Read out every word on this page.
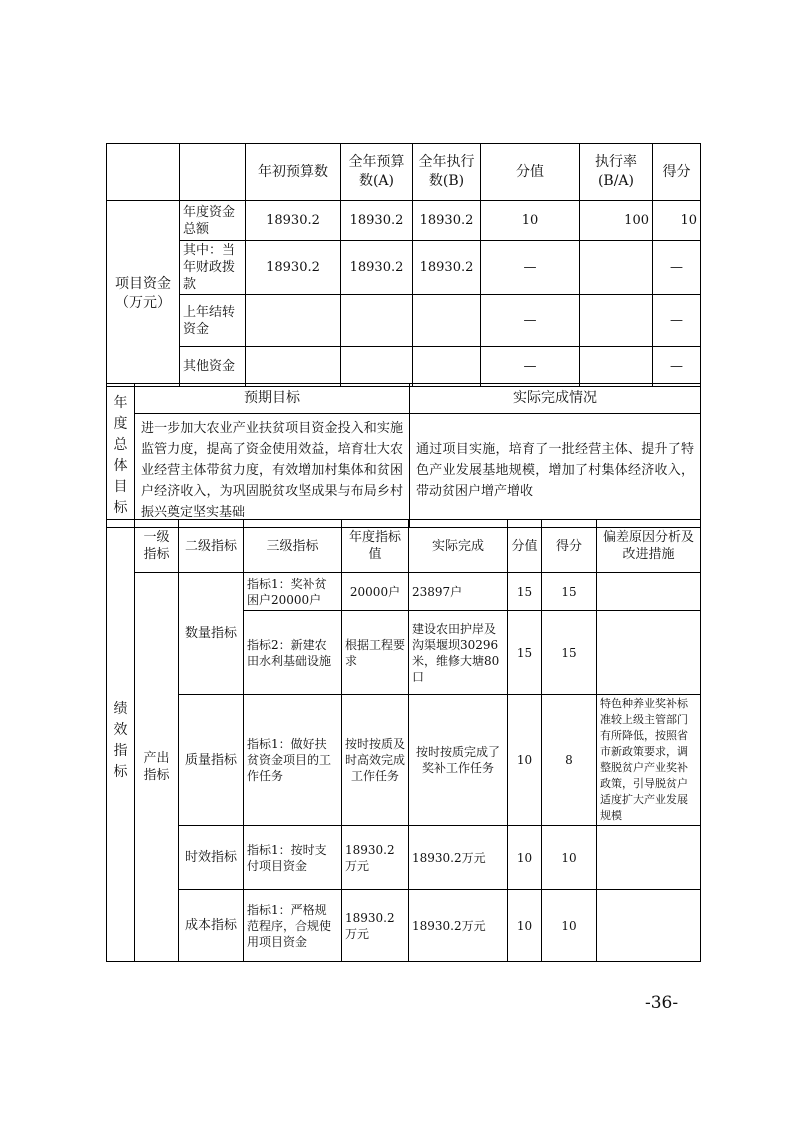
		年初预算数	全年预算数(A)	全年执行数(B)	分值	执行率(B/A)	得分
项目资金（万元）	年度资金总额	18930.2	18930.2	18930.2	10	100	10
	其中：当年财政拨款	18930.2	18930.2	18930.2	—		—
	上年结转资金				—		—
	其他资金				—		—
年度总体目标	预期目标	实际完成情况
	进一步加大农业产业扶贫项目资金投入和实施监管力度，提高了资金使用效益，培育壮大农业经营主体带贫力度，有效增加村集体和贫困户经济收入，为巩固脱贫攻坚成果与布局乡村振兴奠定坚实基础	通过项目实施，培育了一批经营主体、提升了特色产业发展基地规模，增加了村集体经济收入，带动贫困户增产增收
绩效指标	一级指标	二级指标	三级指标	年度指标值	实际完成	分值	得分	偏差原因分析及改进措施
	产出指标	数量指标	指标1：奖补贫困户20000户	20000户	23897户	15	15	
			指标2：新建农田水利基础设施	根据工程要求	建设农田护岸及沟渠堰坝30296米，维修大塘80口	15	15	
		质量指标	指标1：做好扶贫资金项目的工作任务	按时按质及时高效完成工作任务	按时按质完成了奖补工作任务	10	8	特色种养业奖补标准较上级主管部门有所降低，按照省市新政策要求，调整脱贫户产业奖补政策，引导脱贫户适度扩大产业发展规模
		时效指标	指标1：按时支付项目资金	18930.2万元	18930.2万元	10	10	
		成本指标	指标1：严格规范程序，合规使用项目资金	18930.2万元	18930.2万元	10	10	
-36-
